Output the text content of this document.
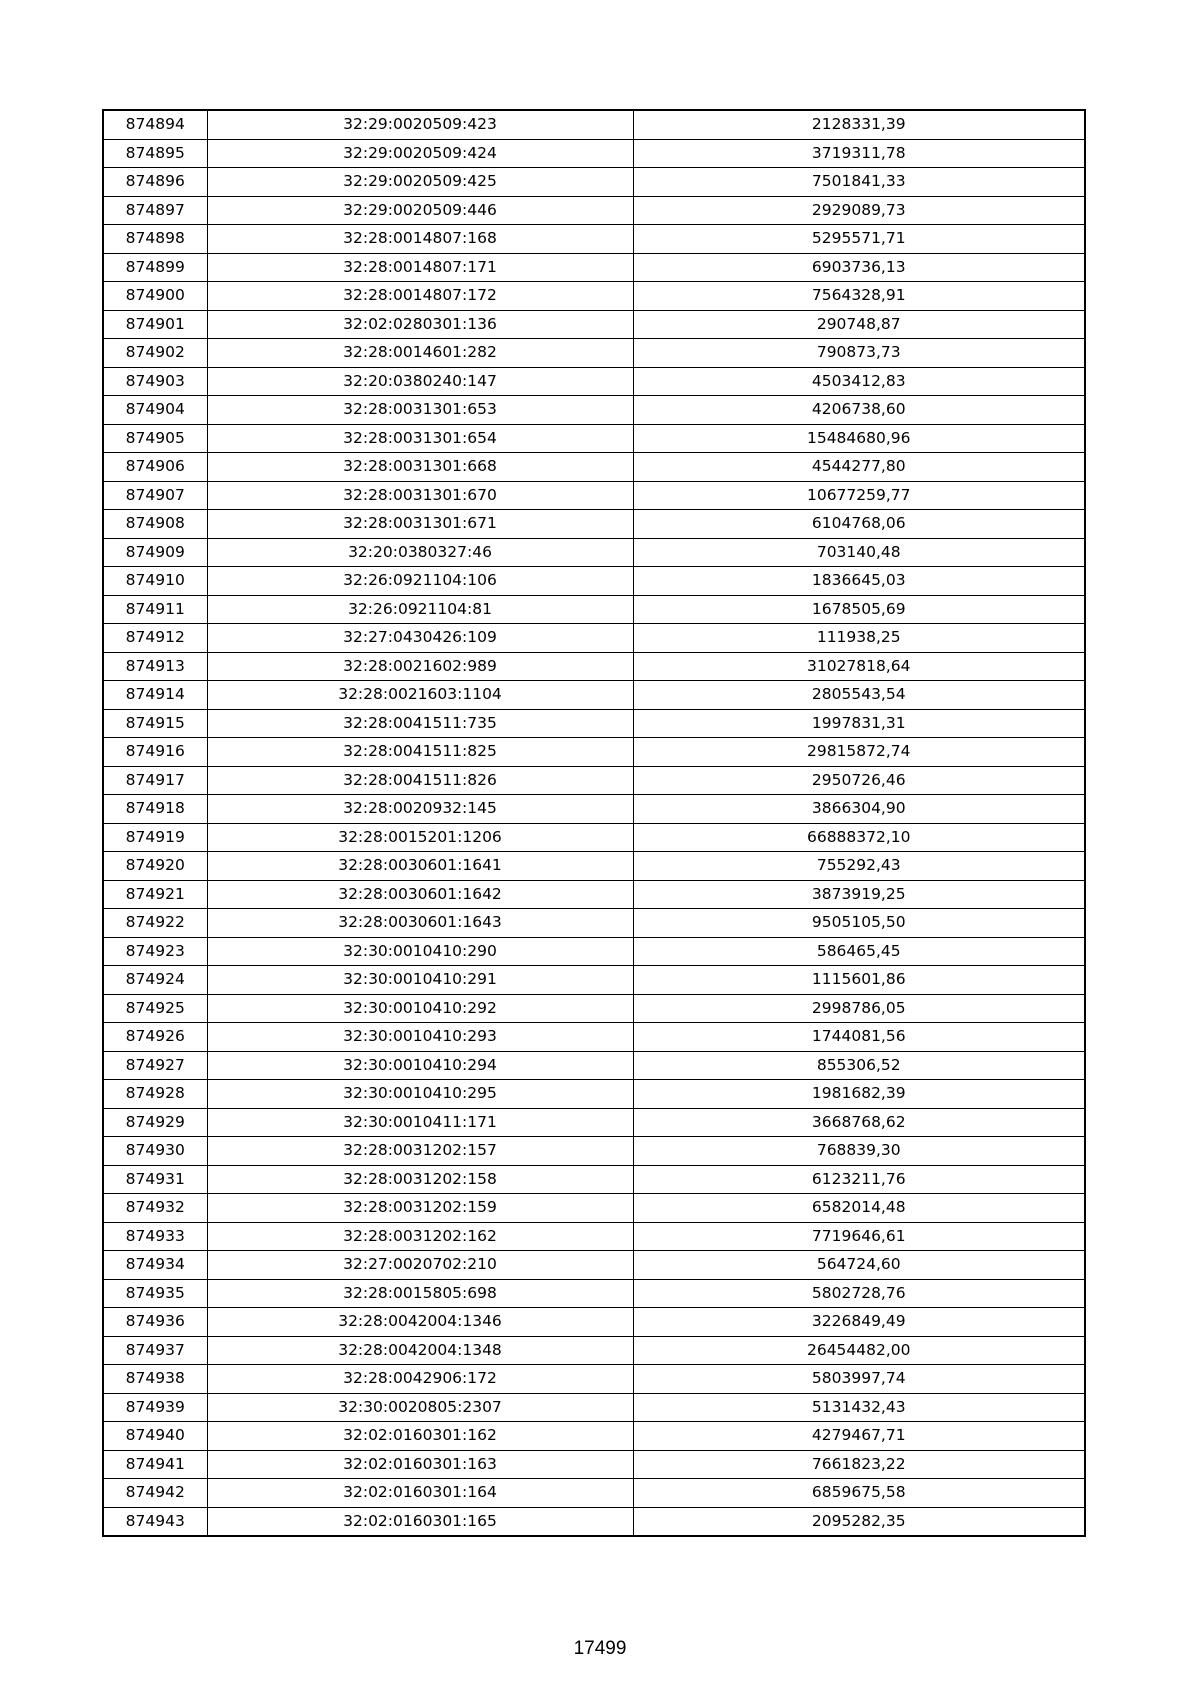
874894	32:29:0020509:423	2128331,39
874895	32:29:0020509:424	3719311,78
874896	32:29:0020509:425	7501841,33
874897	32:29:0020509:446	2929089,73
874898	32:28:0014807:168	5295571,71
874899	32:28:0014807:171	6903736,13
874900	32:28:0014807:172	7564328,91
874901	32:02:0280301:136	290748,87
874902	32:28:0014601:282	790873,73
874903	32:20:0380240:147	4503412,83
874904	32:28:0031301:653	4206738,60
874905	32:28:0031301:654	15484680,96
874906	32:28:0031301:668	4544277,80
874907	32:28:0031301:670	10677259,77
874908	32:28:0031301:671	6104768,06
874909	32:20:0380327:46	703140,48
874910	32:26:0921104:106	1836645,03
874911	32:26:0921104:81	1678505,69
874912	32:27:0430426:109	111938,25
874913	32:28:0021602:989	31027818,64
874914	32:28:0021603:1104	2805543,54
874915	32:28:0041511:735	1997831,31
874916	32:28:0041511:825	29815872,74
874917	32:28:0041511:826	2950726,46
874918	32:28:0020932:145	3866304,90
874919	32:28:0015201:1206	66888372,10
874920	32:28:0030601:1641	755292,43
874921	32:28:0030601:1642	3873919,25
874922	32:28:0030601:1643	9505105,50
874923	32:30:0010410:290	586465,45
874924	32:30:0010410:291	1115601,86
874925	32:30:0010410:292	2998786,05
874926	32:30:0010410:293	1744081,56
874927	32:30:0010410:294	855306,52
874928	32:30:0010410:295	1981682,39
874929	32:30:0010411:171	3668768,62
874930	32:28:0031202:157	768839,30
874931	32:28:0031202:158	6123211,76
874932	32:28:0031202:159	6582014,48
874933	32:28:0031202:162	7719646,61
874934	32:27:0020702:210	564724,60
874935	32:28:0015805:698	5802728,76
874936	32:28:0042004:1346	3226849,49
874937	32:28:0042004:1348	26454482,00
874938	32:28:0042906:172	5803997,74
874939	32:30:0020805:2307	5131432,43
874940	32:02:0160301:162	4279467,71
874941	32:02:0160301:163	7661823,22
874942	32:02:0160301:164	6859675,58
874943	32:02:0160301:165	2095282,35
17499
